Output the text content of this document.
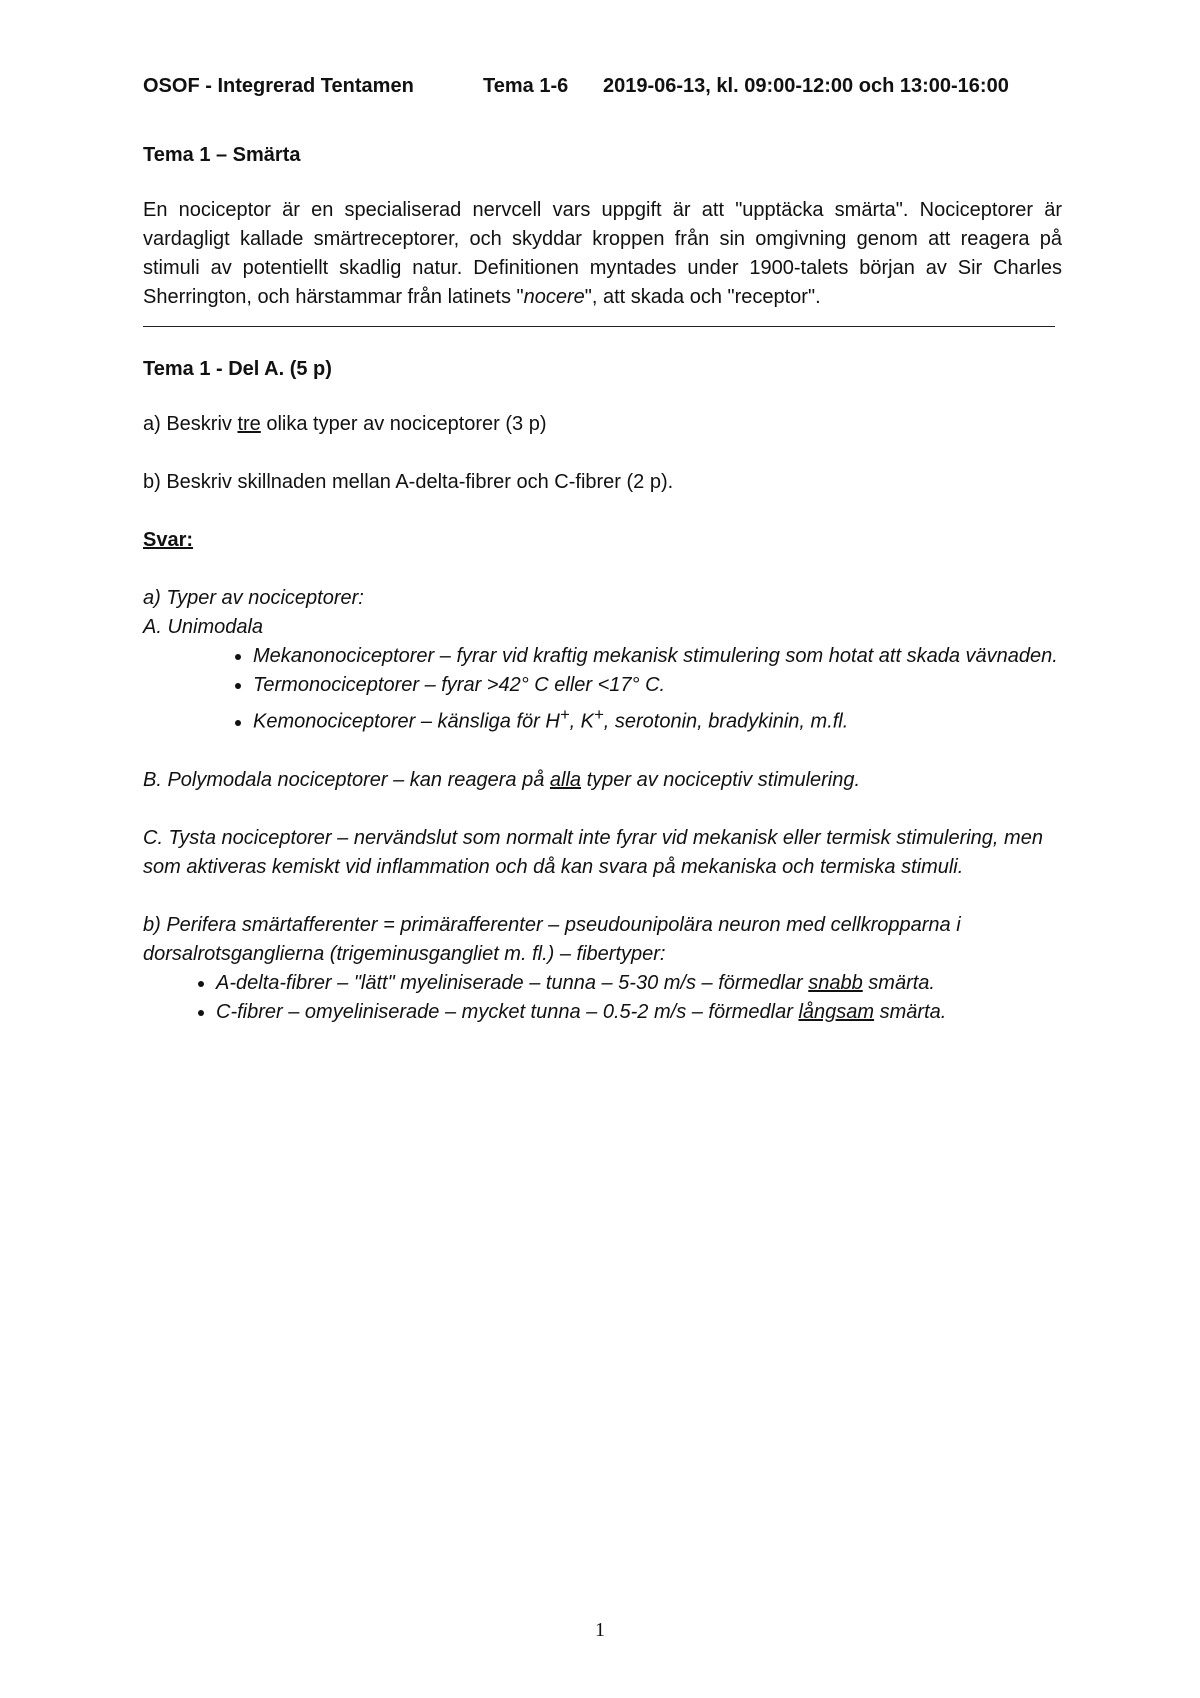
OSOF - Integrerad Tentamen	Tema 1-6	2019-06-13, kl. 09:00-12:00 och 13:00-16:00

Tema 1 – Smärta

En nociceptor är en specialiserad nervcell vars uppgift är att "upptäcka smärta". Nociceptorer är vardagligt kallade smärtreceptorer, och skyddar kroppen från sin omgivning genom att reagera på stimuli av potentiellt skadlig natur. Definitionen myntades under 1900-talets början av Sir Charles Sherrington, och härstammar från latinets "nocere", att skada och "receptor".

Tema 1 - Del A. (5 p)

a) Beskriv tre olika typer av nociceptorer (3 p)

b) Beskriv skillnaden mellan A-delta-fibrer och C-fibrer (2 p).

Svar:

a) Typer av nociceptorer:

A. Unimodala

• Mekanonociceptorer – fyrar vid kraftig mekanisk stimulering som hotat att skada vävnaden.
• Termonociceptorer – fyrar >42° C eller <17° C.
• Kemonociceptorer – känsliga för H+, K+, serotonin, bradykinin, m.fl.

B. Polymodala nociceptorer – kan reagera på alla typer av nociceptiv stimulering.

C. Tysta nociceptorer – nervändslut som normalt inte fyrar vid mekanisk eller termisk stimulering, men som aktiveras kemiskt vid inflammation och då kan svara på mekaniska och termiska stimuli.

b) Perifera smärtafferenter = primärafferenter – pseudounipolära neuron med cellkropparna i dorsalrotsganglierna (trigeminusgangliet m. fl.) – fibertyper:

• A-delta-fibrer – "lätt" myeliniserade – tunna – 5-30 m/s – förmedlar snabb smärta.
• C-fibrer – omyeliniserade – mycket tunna – 0.5-2 m/s – förmedlar långsam smärta.
1
